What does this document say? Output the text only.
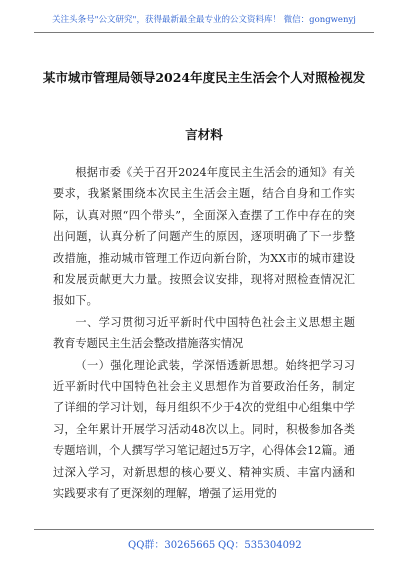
关注头条号"公文研究"，获得最新最全最专业的公文资料库！ 微信：gongwenyj
某市城市管理局领导2024年度民主生活会个人对照检视发
言材料

根据市委《关于召开2024年度民主生活会的通知》有关要求，我紧紧围绕本次民主生活会主题，结合自身和工作实际，认真对照“四个带头”，全面深入查摆了工作中存在的突出问题，认真分析了问题产生的原因，逐项明确了下一步整改措施，推动城市管理工作迈向新台阶，为XX市的城市建设和发展贡献更大力量。按照会议安排，现将对照检查情况汇报如下。

一、学习贯彻习近平新时代中国特色社会主义思想主题教育专题民主生活会整改措施落实情况

（一）强化理论武装，学深悟透新思想。始终把学习习近平新时代中国特色社会主义思想作为首要政治任务，制定了详细的学习计划，每月组织不少于4次的党组中心组集中学习，全年累计开展学习活动48次以上。同时，积极参加各类专题培训，个人撰写学习笔记超过5万字，心得体会12篇。通过深入学习，对新思想的核心要义、精神实质、丰富内涵和实践要求有了更深刻的理解，增强了运用党的

QQ群：30265665 QQ：535304092
